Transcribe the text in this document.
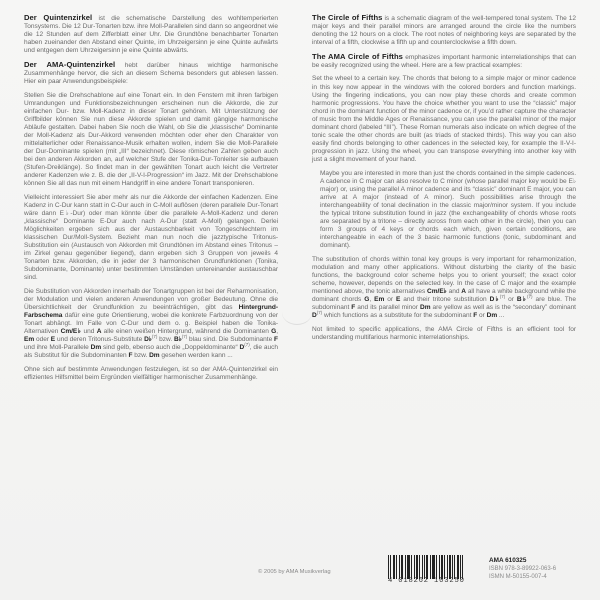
Der Quintenzirkel ist die schematische Darstellung des wohltemperierten Tonsystems. Die 12 Dur-Tonarten bzw. ihre Moll-Parallelen sind dann so angeordnet wie die 12 Stunden auf dem Zifferblatt einer Uhr. Die Grundtöne benachbarter Tonarten haben zueinander den Abstand einer Quinte, im Uhrzeigersinn je eine Quinte aufwärts und entgegen dem Uhrzeigersinn je eine Quinte abwärts.

Der AMA-Quintenzirkel hebt darüber hinaus wichtige harmonische Zusammenhänge hervor, die sich an diesem Schema besonders gut ablesen lassen. Hier ein paar Anwendungsbeispiele:

Stellen Sie die Drehschablone auf eine Tonart ein. In den Fenstern mit ihren farbigen Umrandungen und Funktionsbezeichnungen erscheinen nun die Akkorde, die zur einfachen Dur- bzw. Moll-Kadenz in dieser Tonart gehören. Mit Unterstützung der Griffbilder können Sie nun diese Akkorde spielen und damit gängige harmonische Abläufe gestalten. Dabei haben Sie noch die Wahl, ob Sie die „klassische“ Dominante der Moll-Kadenz als Dur-Akkord verwenden möchten oder eher den Charakter von mittelalterlicher oder Renaissance-Musik erhalten wollen, indem Sie die Moll-Parallele der Dur-Dominante spielen (mit „III“ bezeichnet). Diese römischen Zahlen geben auch bei den anderen Akkorden an, auf welcher Stufe der Tonika-Dur-Tonleiter sie aufbauen (Stufen-Dreiklänge). So findet man in der gewählten Tonart auch leicht die Vertreter anderer Kadenzen wie z. B. die der „II-V-I-Progression“ im Jazz. Mit der Drehschablone können Sie all das nun mit einem Handgriff in eine andere Tonart transponieren.

Vielleicht interessiert Sie aber mehr als nur die Akkorde der einfachen Kadenzen. Eine Kadenz in C-Dur kann statt in C-Dur auch in C-Moll auflösen (deren parallele Dur-Tonart wäre dann E♭-Dur) oder man könnte über die parallele A-Moll-Kadenz und deren „klassische“ Dominante E-Dur auch nach A-Dur (statt A-Moll) gelangen. Derlei Möglichkeiten ergeben sich aus der Austauschbarkeit von Tongeschlechtern im klassischen Dur/Moll-System. Bezieht man nun noch die jazztypische Tritonus-Substitution ein (Austausch von Akkorden mit Grundtönen im Abstand eines Tritonus – im Zirkel genau gegenüber liegend), dann ergeben sich 3 Gruppen von jeweils 4 Tonarten bzw. Akkorden, die in jeder der 3 harmonischen Grundfunktionen (Tonika, Subdominante, Dominante) unter bestimmten Umständen untereinander austauschbar sind.

Die Substitution von Akkorden innerhalb der Tonartgruppen ist bei der Reharmonisation, der Modulation und vielen anderen Anwendungen von großer Bedeutung. Ohne die Übersichtlichkeit der Grundfunktion zu beeinträchtigen, gibt das Hintergrund-Farbschema dafür eine gute Orientierung, wobei die konkrete Farbzuordnung von der Tonart abhängt. Im Falle von C-Dur und dem o. g. Beispiel haben die Tonika-Alternativen Cm/E♭ und A alle einen weißen Hintergrund, während die Dominanten G, Em oder E und deren Tritonus-Substitute D♭$^{(7)}$ bzw. B♭$^{(7)}$ blau sind. Die Subdominante F und ihre Moll-Parallele Dm sind gelb, ebenso auch die „Doppeldominante“ $D^{(7)}$, die auch als Substitut für die Subdominanten F bzw. Dm gesehen werden kann ...

Ohne sich auf bestimmte Anwendungen festzulegen, ist so der AMA-Quintenzirkel ein effizientes Hilfsmittel beim Ergründen vielfältiger harmonischer Zusammenhänge.

The Circle of Fifths is a schematic diagram of the well-tempered tonal system. The 12 major keys and their parallel minors are arranged around the circle like the numbers denoting the 12 hours on a clock. The root notes of neighboring keys are separated by the interval of a fifth, clockwise a fifth up and counterclockwise a fifth down.

The AMA Circle of Fifths emphasizes important harmonic interrelationships that can be easily recognized using the wheel. Here are a few practical examples:

Set the wheel to a certain key. The chords that belong to a simple major or minor cadence in this key now appear in the windows with the colored borders and function markings. Using the fingering indications, you can now play these chords and create common harmonic progressions. You have the choice whether you want to use the “classic” major chord in the dominant function of the minor cadence or, if you’d rather capture the character of music from the Middle Ages or Renaissance, you can use the parallel minor of the major dominant chord (labeled “III”). These Roman numerals also indicate on which degree of the tonic scale the other chords are built (as triads of stacked thirds). This way you can also easily find chords belonging to other cadences in the selected key, for example the II-V-I-progression in jazz. Using the wheel, you can transpose everything into another key with just a slight movement of your hand.

Maybe you are interested in more than just the chords contained in the simple cadences. A cadence in C major can also resolve to C minor (whose parallel major key would be E♭ major) or, using the parallel A minor cadence and its “classic” dominant E major, you can arrive at A major (instead of A minor). Such possibilities arise through the interchangeability of tonal declination in the classic major/minor system. If you include the typical tritone substitution found in jazz (the exchangeability of chords whose roots are separated by a tritone – directly across from each other in the circle), then you can form 3 groups of 4 keys or chords each which, given certain conditions, are interchangeable in each of the 3 basic harmonic functions (tonic, subdominant and dominant).

The substitution of chords within tonal key groups is very important for reharmonization, modulation and many other applications. Without disturbing the clarity of the basic functions, the background color scheme helps you to orient yourself; the exact color scheme, however, depends on the selected key. In the case of C major and the example mentioned above, the tonic alternatives Cm/E♭ and A all have a white background while the dominant chords G, Em or E and their tritone substitution D♭$^{(7)}$ or B♭$^{(7)}$ are blue. The subdominant F and its parallel minor Dm are yellow as well as is the “secondary” dominant $D^{(7)}$ which functions as a substitute for the subdominant F or Dm ...

Not limited to specific applications, the AMA Circle of Fifths is an efficient tool for understanding multifarious harmonic interrelationships.

© 2005 by AMA Musikverlag
4 018262 103250
AMA 610325
ISBN 978-3-89922-063-6
ISMN M-50155-007-4
